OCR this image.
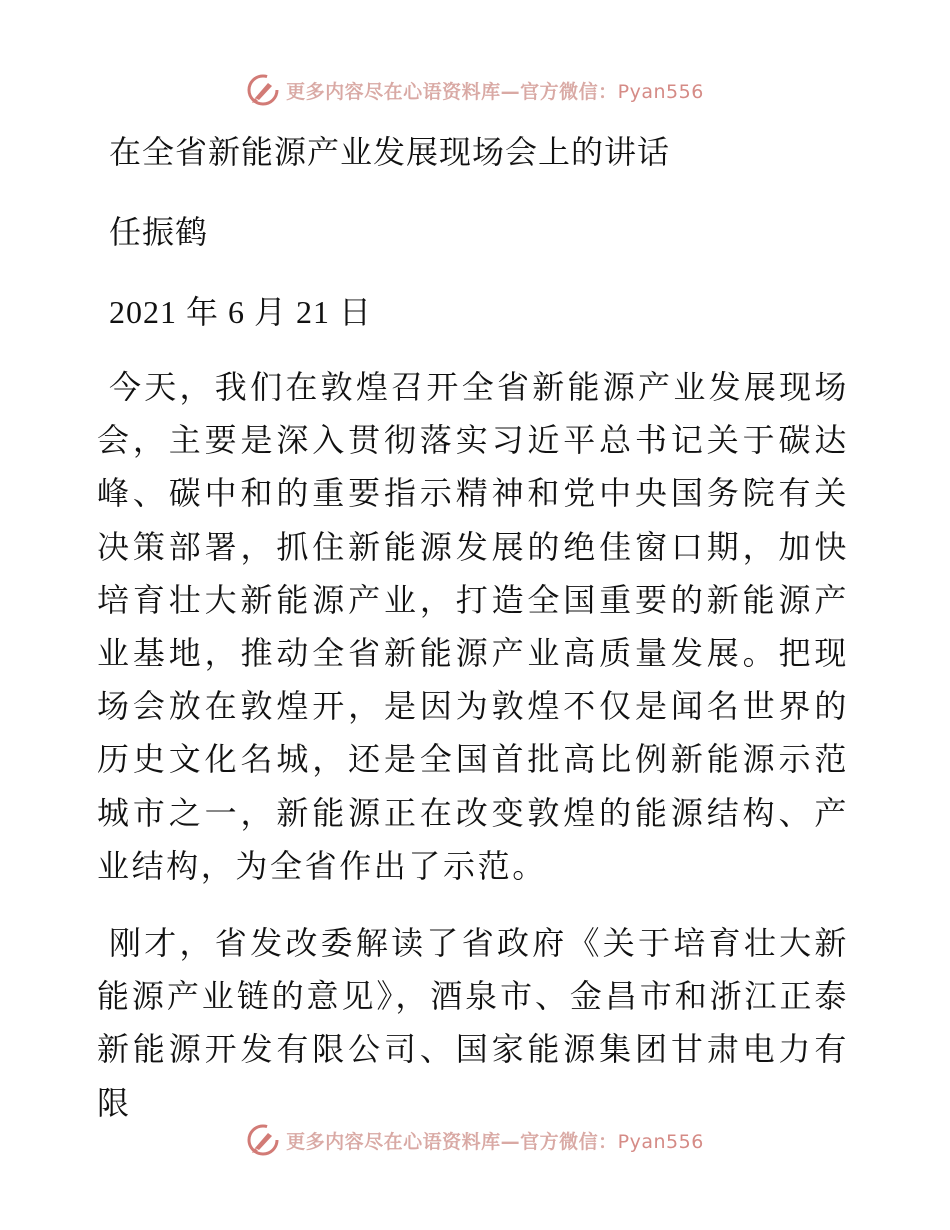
更多内容尽在心语资料库—官方微信：Pyan556
在全省新能源产业发展现场会上的讲话
任振鹤
2021 年 6 月 21 日

今天，我们在敦煌召开全省新能源产业发展现场会，主要是深入贯彻落实习近平总书记关于碳达峰、碳中和的重要指示精神和党中央国务院有关决策部署，抓住新能源发展的绝佳窗口期，加快培育壮大新能源产业，打造全国重要的新能源产业基地，推动全省新能源产业高质量发展。把现场会放在敦煌开，是因为敦煌不仅是闻名世界的历史文化名城，还是全国首批高比例新能源示范城市之一，新能源正在改变敦煌的能源结构、产业结构，为全省作出了示范。

刚才，省发改委解读了省政府《关于培育壮大新能源产业链的意见》，酒泉市、金昌市和浙江正泰新能源开发有限公司、国家能源集团甘肃电力有限

更多内容尽在心语资料库—官方微信：Pyan556
